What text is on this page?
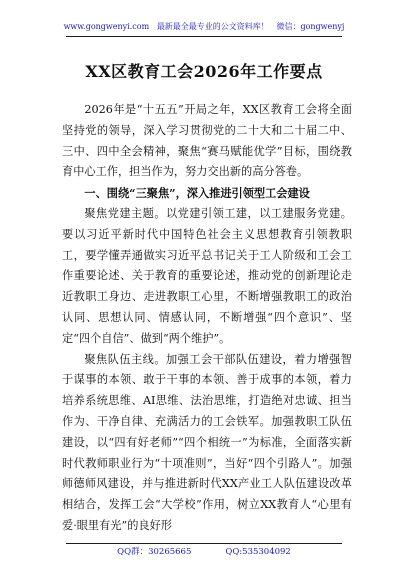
www.gongwenyi.com 最新最全最专业的公文资料库！ 微信：gongwenyj
XX区教育工会2026年工作要点

2026年是“十五五”开局之年，XX区教育工会将全面坚持党的领导，深入学习贯彻党的二十大和二十届二中、三中、四中全会精神，聚焦“赛马赋能优学”目标，围绕教育中心工作，担当作为，努力交出新的高分答卷。

一、围绕“三聚焦”，深入推进引领型工会建设

聚焦党建主题。以党建引领工建，以工建服务党建。要以习近平新时代中国特色社会主义思想教育引领教职工，要学懂弄通做实习近平总书记关于工人阶级和工会工作重要论述、关于教育的重要论述，推动党的创新理论走近教职工身边、走进教职工心里，不断增强教职工的政治认同、思想认同、情感认同，不断增强“四个意识”、坚定“四个自信”、做到“两个维护”。

聚焦队伍主线。加强工会干部队伍建设，着力增强智于谋事的本领、敢于干事的本领、善于成事的本领，着力培养系统思维、AI思维、法治思维，打造绝对忠诚、担当作为、干净自律、充满活力的工会铁军。加强教职工队伍建设，以“四有好老师”“四个相统一”为标准，全面落实新时代教师职业行为“十项准则”，当好“四个引路人”。加强师德师风建设，并与推进新时代XX产业工人队伍建设改革相结合，发挥工会“大学校”作用，树立XX教育人“心里有爱·眼里有光”的良好形

QQ群：30265665	QQ:535304092
